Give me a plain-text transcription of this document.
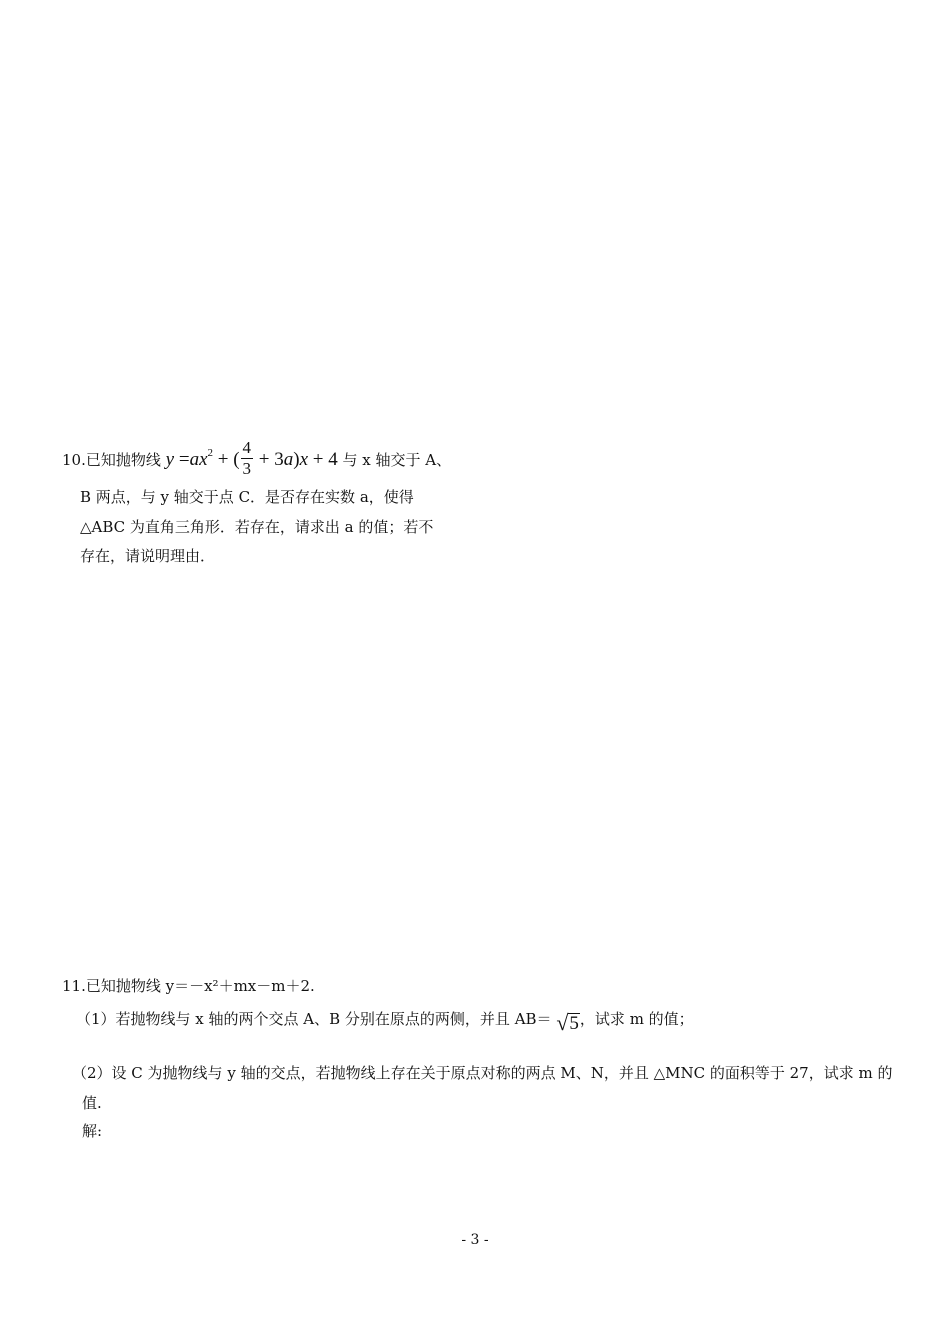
10.已知抛物线 $y =ax^2$ + ( $\frac{4}{3} + 3a)x + 4$ 与 x 轴交于 A、
B 两点，与 y 轴交于点 C．是否存在实数 a，使得
△ABC 为直角三角形．若存在，请求出 a 的值；若不
存在，请说明理由．
11.已知抛物线 y＝－x²＋mx－m＋2.
（1）若抛物线与 x 轴的两个交点 A、B 分别在原点的两侧，并且 AB＝ √ 5 ，试求 m 的值；
（2）设 C 为抛物线与 y 轴的交点，若抛物线上存在关于原点对称的两点 M、N，并且 △MNC 的面积等于 27，试求 m 的
值.
解:
- 3 -
